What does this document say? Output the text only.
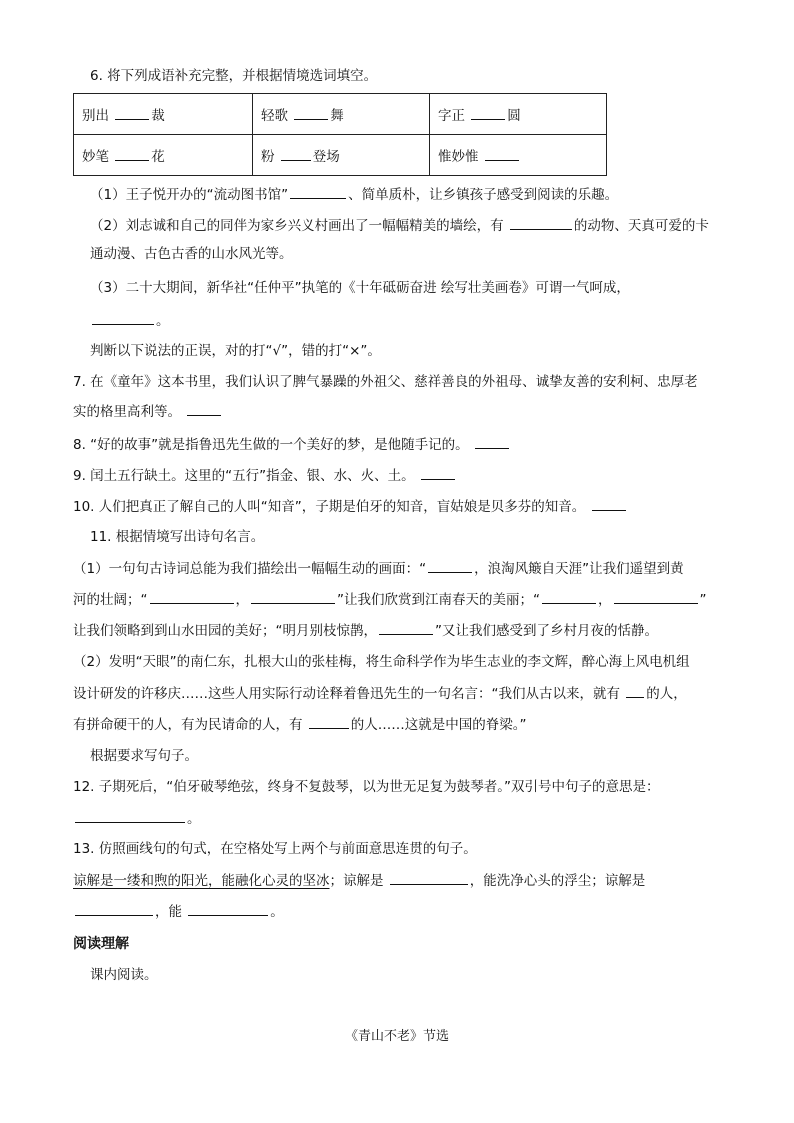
6. 将下列成语补充完整，并根据情境选词填空。
别出 裁	轻歌 舞	字正 圆
妙笔 花	粉 登场	惟妙惟
（1）王子悦开办的“流动图书馆”	、简单质朴，让乡镇孩子感受到阅读的乐趣。
（2）刘志诚和自己的同伴为家乡兴义村画出了一幅幅精美的墙绘，有	的动物、天真可爱的卡
通动漫、古色古香的山水风光等。
（3）二十大期间，新华社“任仲平”执笔的《十年砥砺奋进 绘写壮美画卷》可谓一气呵成，
。
判断以下说法的正误，对的打“√”，错的打“×”。
7. 在《童年》这本书里，我们认识了脾气暴躁的外祖父、慈祥善良的外祖母、诚挚友善的安利柯、忠厚老
实的格里高利等。
8. “好的故事”就是指鲁迅先生做的一个美好的梦，是他随手记的。
9. 闰土五行缺土。这里的“五行”指金、银、水、火、土。
10. 人们把真正了解自己的人叫“知音”，子期是伯牙的知音，盲姑娘是贝多芬的知音。
11. 根据情境写出诗句名言。
（1）一句句古诗词总能为我们描绘出一幅幅生动的画面：“	，浪淘风簸自天涯”让我们遥望到黄
河的壮阔；“	，	”让我们欣赏到江南春天的美丽；“	，	”
让我们领略到到山水田园的美好；“明月别枝惊鹊，	”又让我们感受到了乡村月夜的恬静。
（2）发明“天眼”的南仁东，扎根大山的张桂梅，将生命科学作为毕生志业的李文辉，醉心海上风电机组
设计研发的许移庆……这些人用实际行动诠释着鲁迅先生的一句名言：“我们从古以来，就有 的人，
有拼命硬干的人，有为民请命的人，有	的人……这就是中国的脊梁。”
根据要求写句子。
12. 子期死后，“伯牙破琴绝弦，终身不复鼓琴，以为世无足复为鼓琴者。”双引号中句子的意思是：
。
13. 仿照画线句的句式，在空格处写上两个与前面意思连贯的句子。
谅解是一缕和煦的阳光，能融化心灵的坚冰；谅解是	，能洗净心头的浮尘；谅解是
，能	。
阅读理解
课内阅读。
《青山不老》节选
